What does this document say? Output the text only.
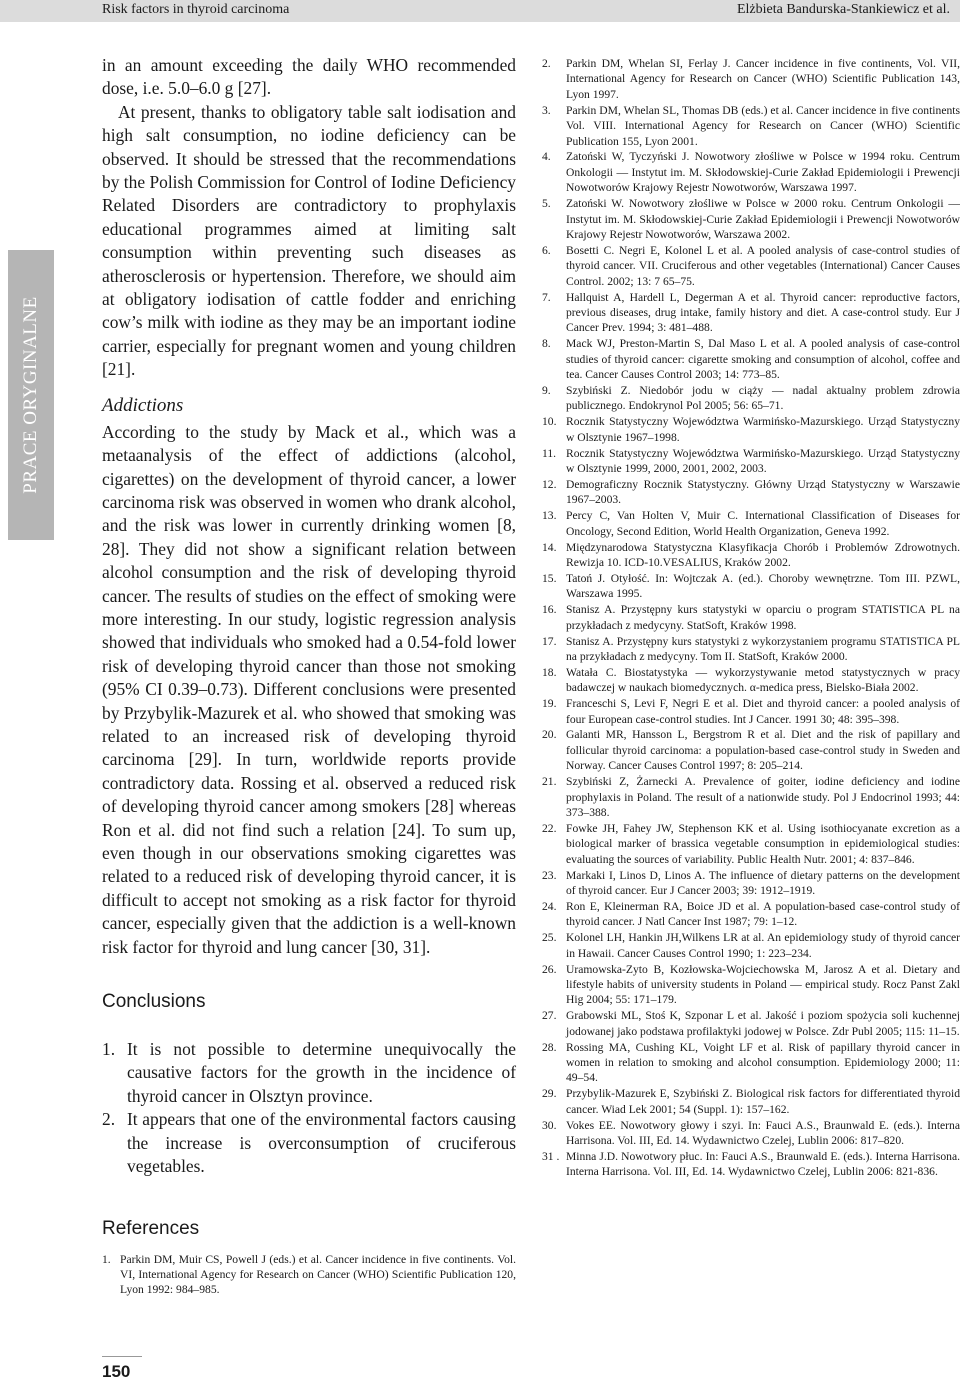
Risk factors in thyroid carcinoma	Elżbieta Bandurska-Stankiewicz et al.
PRACE ORYGINALNE

in an amount exceeding the daily WHO recommended dose, i.e. 5.0–6.0 g [27].

At present, thanks to obligatory table salt iodisation and high salt consumption, no iodine deficiency can be observed. It should be stressed that the recommendations by the Polish Commission for Control of Iodine Deficiency Related Disorders are contradictory to prophylaxis educational programmes aimed at limiting salt consumption within preventing such diseases as atherosclerosis or hypertension. Therefore, we should aim at obligatory iodisation of cattle fodder and enriching cow’s milk with iodine as they may be an important iodine carrier, especially for pregnant women and young children [21].

Addictions

According to the study by Mack et al., which was a metaanalysis of the effect of addictions (alcohol, cigarettes) on the development of thyroid cancer, a lower carcinoma risk was observed in women who drank alcohol, and the risk was lower in currently drinking women [8, 28]. They did not show a significant relation between alcohol consumption and the risk of developing thyroid cancer. The results of studies on the effect of smoking were more interesting. In our study, logistic regression analysis showed that individuals who smoked had a 0.54-fold lower risk of developing thyroid cancer than those not smoking (95% CI 0.39–0.73). Different conclusions were presented by Przybylik-Mazurek et al. who showed that smoking was related to an increased risk of developing thyroid carcinoma [29]. In turn, worldwide reports provide contradictory data. Rossing et al. observed a reduced risk of developing thyroid cancer among smokers [28] whereas Ron et al. did not find such a relation [24]. To sum up, even though in our observations smoking cigarettes was related to a reduced risk of developing thyroid cancer, it is difficult to accept not smoking as a risk factor for thyroid cancer, especially given that the addiction is a well-known risk factor for thyroid and lung cancer [30, 31].

Conclusions
1. It is not possible to determine unequivocally the causative factors for the growth in the incidence of thyroid cancer in Olsztyn province.
2. It appears that one of the environmental factors causing the increase is overconsumption of cruciferous vegetables.
References
1. Parkin DM, Muir CS, Powell J (eds.) et al. Cancer incidence in five continents. Vol. VI, International Agency for Research on Cancer (WHO) Scientific Publication 120, Lyon 1992: 984–985.
2. Parkin DM, Whelan SI, Ferlay J. Cancer incidence in five continents, Vol. VII, International Agency for Research on Cancer (WHO) Scientific Publication 143, Lyon 1997.
3. Parkin DM, Whelan SL, Thomas DB (eds.) et al. Cancer incidence in five continents Vol. VIII. International Agency for Research on Cancer (WHO) Scientific Publication 155, Lyon 2001.
4. Zatoński W, Tyczyński J. Nowotwory złośliwe w Polsce w 1994 roku. Centrum Onkologii — Instytut im. M. Skłodowskiej-Curie Zakład Epidemiologii i Prewencji Nowotworów Krajowy Rejestr Nowotworów, Warszawa 1997.
5. Zatoński W. Nowotwory złośliwe w Polsce w 2000 roku. Centrum Onkologii — Instytut im. M. Skłodowskiej-Curie Zakład Epidemiologii i Prewencji Nowotworów Krajowy Rejestr Nowotworów, Warszawa 2002.
6. Bosetti C. Negri E, Kolonel L et al. A pooled analysis of case-control studies of thyroid cancer. VII. Cruciferous and other vegetables (International) Cancer Causes Control. 2002; 13: 7 65–75.
7. Hallquist A, Hardell L, Degerman A et al. Thyroid cancer: reproductive factors, previous diseases, drug intake, family history and diet. A case-control study. Eur J Cancer Prev. 1994; 3: 481–488.
8. Mack WJ, Preston-Martin S, Dal Maso L et al. A pooled analysis of case-control studies of thyroid cancer: cigarette smoking and consumption of alcohol, coffee and tea. Cancer Causes Control 2003; 14: 773–85.
9. Szybiński Z. Niedobór jodu w ciąży — nadal aktualny problem zdrowia publicznego. Endokrynol Pol 2005; 56: 65–71.
10. Rocznik Statystyczny Województwa Warmińsko-Mazurskiego. Urząd Statystyczny w Olsztynie 1967–1998.
11. Rocznik Statystyczny Województwa Warmińsko-Mazurskiego. Urząd Statystyczny w Olsztynie 1999, 2000, 2001, 2002, 2003.
12. Demograficzny Rocznik Statystyczny. Główny Urząd Statystyczny w Warszawie 1967–2003.
13. Percy C, Van Holten V, Muir C. International Classification of Diseases for Oncology, Second Edition, World Health Organization, Geneva 1992.
14. Międzynarodowa Statystyczna Klasyfikacja Chorób i Problemów Zdrowotnych. Rewizja 10. ICD-10.VESALIUS, Kraków 2002.
15. Tatoń J. Otyłość. In: Wojtczak A. (ed.). Choroby wewnętrzne. Tom III. PZWL, Warszawa 1995.
16. Stanisz A. Przystępny kurs statystyki w oparciu o program STATISTICA PL na przykładach z medycyny. StatSoft, Kraków 1998.
17. Stanisz A. Przystępny kurs statystyki z wykorzystaniem programu STATISTICA PL na przykładach z medycyny. Tom II. StatSoft, Kraków 2000.
18. Watała C. Biostatystyka — wykorzystywanie metod statystycznych w pracy badawczej w naukach biomedycznych. α-medica press, Bielsko-Biała 2002.
19. Franceschi S, Levi F, Negri E et al. Diet and thyroid cancer: a pooled analysis of four European case-control studies. Int J Cancer. 1991 30; 48: 395–398.
20. Galanti MR, Hansson L, Bergstrom R et al. Diet and the risk of papillary and follicular thyroid carcinoma: a population-based case-control study in Sweden and Norway. Cancer Causes Control 1997; 8: 205–214.
21. Szybiński Z, Żarnecki A. Prevalence of goiter, iodine deficiency and iodine prophylaxis in Poland. The result of a nationwide study. Pol J Endocrinol 1993; 44: 373–388.
22. Fowke JH, Fahey JW, Stephenson KK et al. Using isothiocyanate excretion as a biological marker of brassica vegetable consumption in epidemiological studies: evaluating the sources of variability. Public Health Nutr. 2001; 4: 837–846.
23. Markaki I, Linos D, Linos A. The influence of dietary patterns on the development of thyroid cancer. Eur J Cancer 2003; 39: 1912–1919.
24. Ron E, Kleinerman RA, Boice JD et al. A population-based case-control study of thyroid cancer. J Natl Cancer Inst 1987; 79: 1–12.
25. Kolonel LH, Hankin JH,Wilkens LR at al. An epidemiology study of thyroid cancer in Hawaii. Cancer Causes Control 1990; 1: 223–234.
26. Uramowska-Zyto B, Kozłowska-Wojciechowska M, Jarosz A et al. Dietary and lifestyle habits of university students in Poland — empirical study. Rocz Panst Zakl Hig 2004; 55: 171–179.
27. Grabowski ML, Stoś K, Szponar L et al. Jakość i poziom spożycia soli kuchennej jodowanej jako podstawa profilaktyki jodowej w Polsce. Zdr Publ 2005; 115: 11–15.
28. Rossing MA, Cushing KL, Voight LF et al. Risk of papillary thyroid cancer in women in relation to smoking and alcohol consumption. Epidemiology 2000; 11: 49–54.
29. Przybylik-Mazurek E, Szybiński Z. Biological risk factors for differentiated thyroid cancer. Wiad Lek 2001; 54 (Suppl. 1): 157–162.
30. Vokes EE. Nowotwory głowy i szyi. In: Fauci A.S., Braunwald E. (eds.). Interna Harrisona. Vol. III, Ed. 14. Wydawnictwo Czelej, Lublin 2006: 817–820.
31 . Minna J.D. Nowotwory płuc. In: Fauci A.S., Braunwald E. (eds.). Interna Harrisona. Interna Harrisona. Vol. III, Ed. 14. Wydawnictwo Czelej, Lublin 2006: 821-836.
150
